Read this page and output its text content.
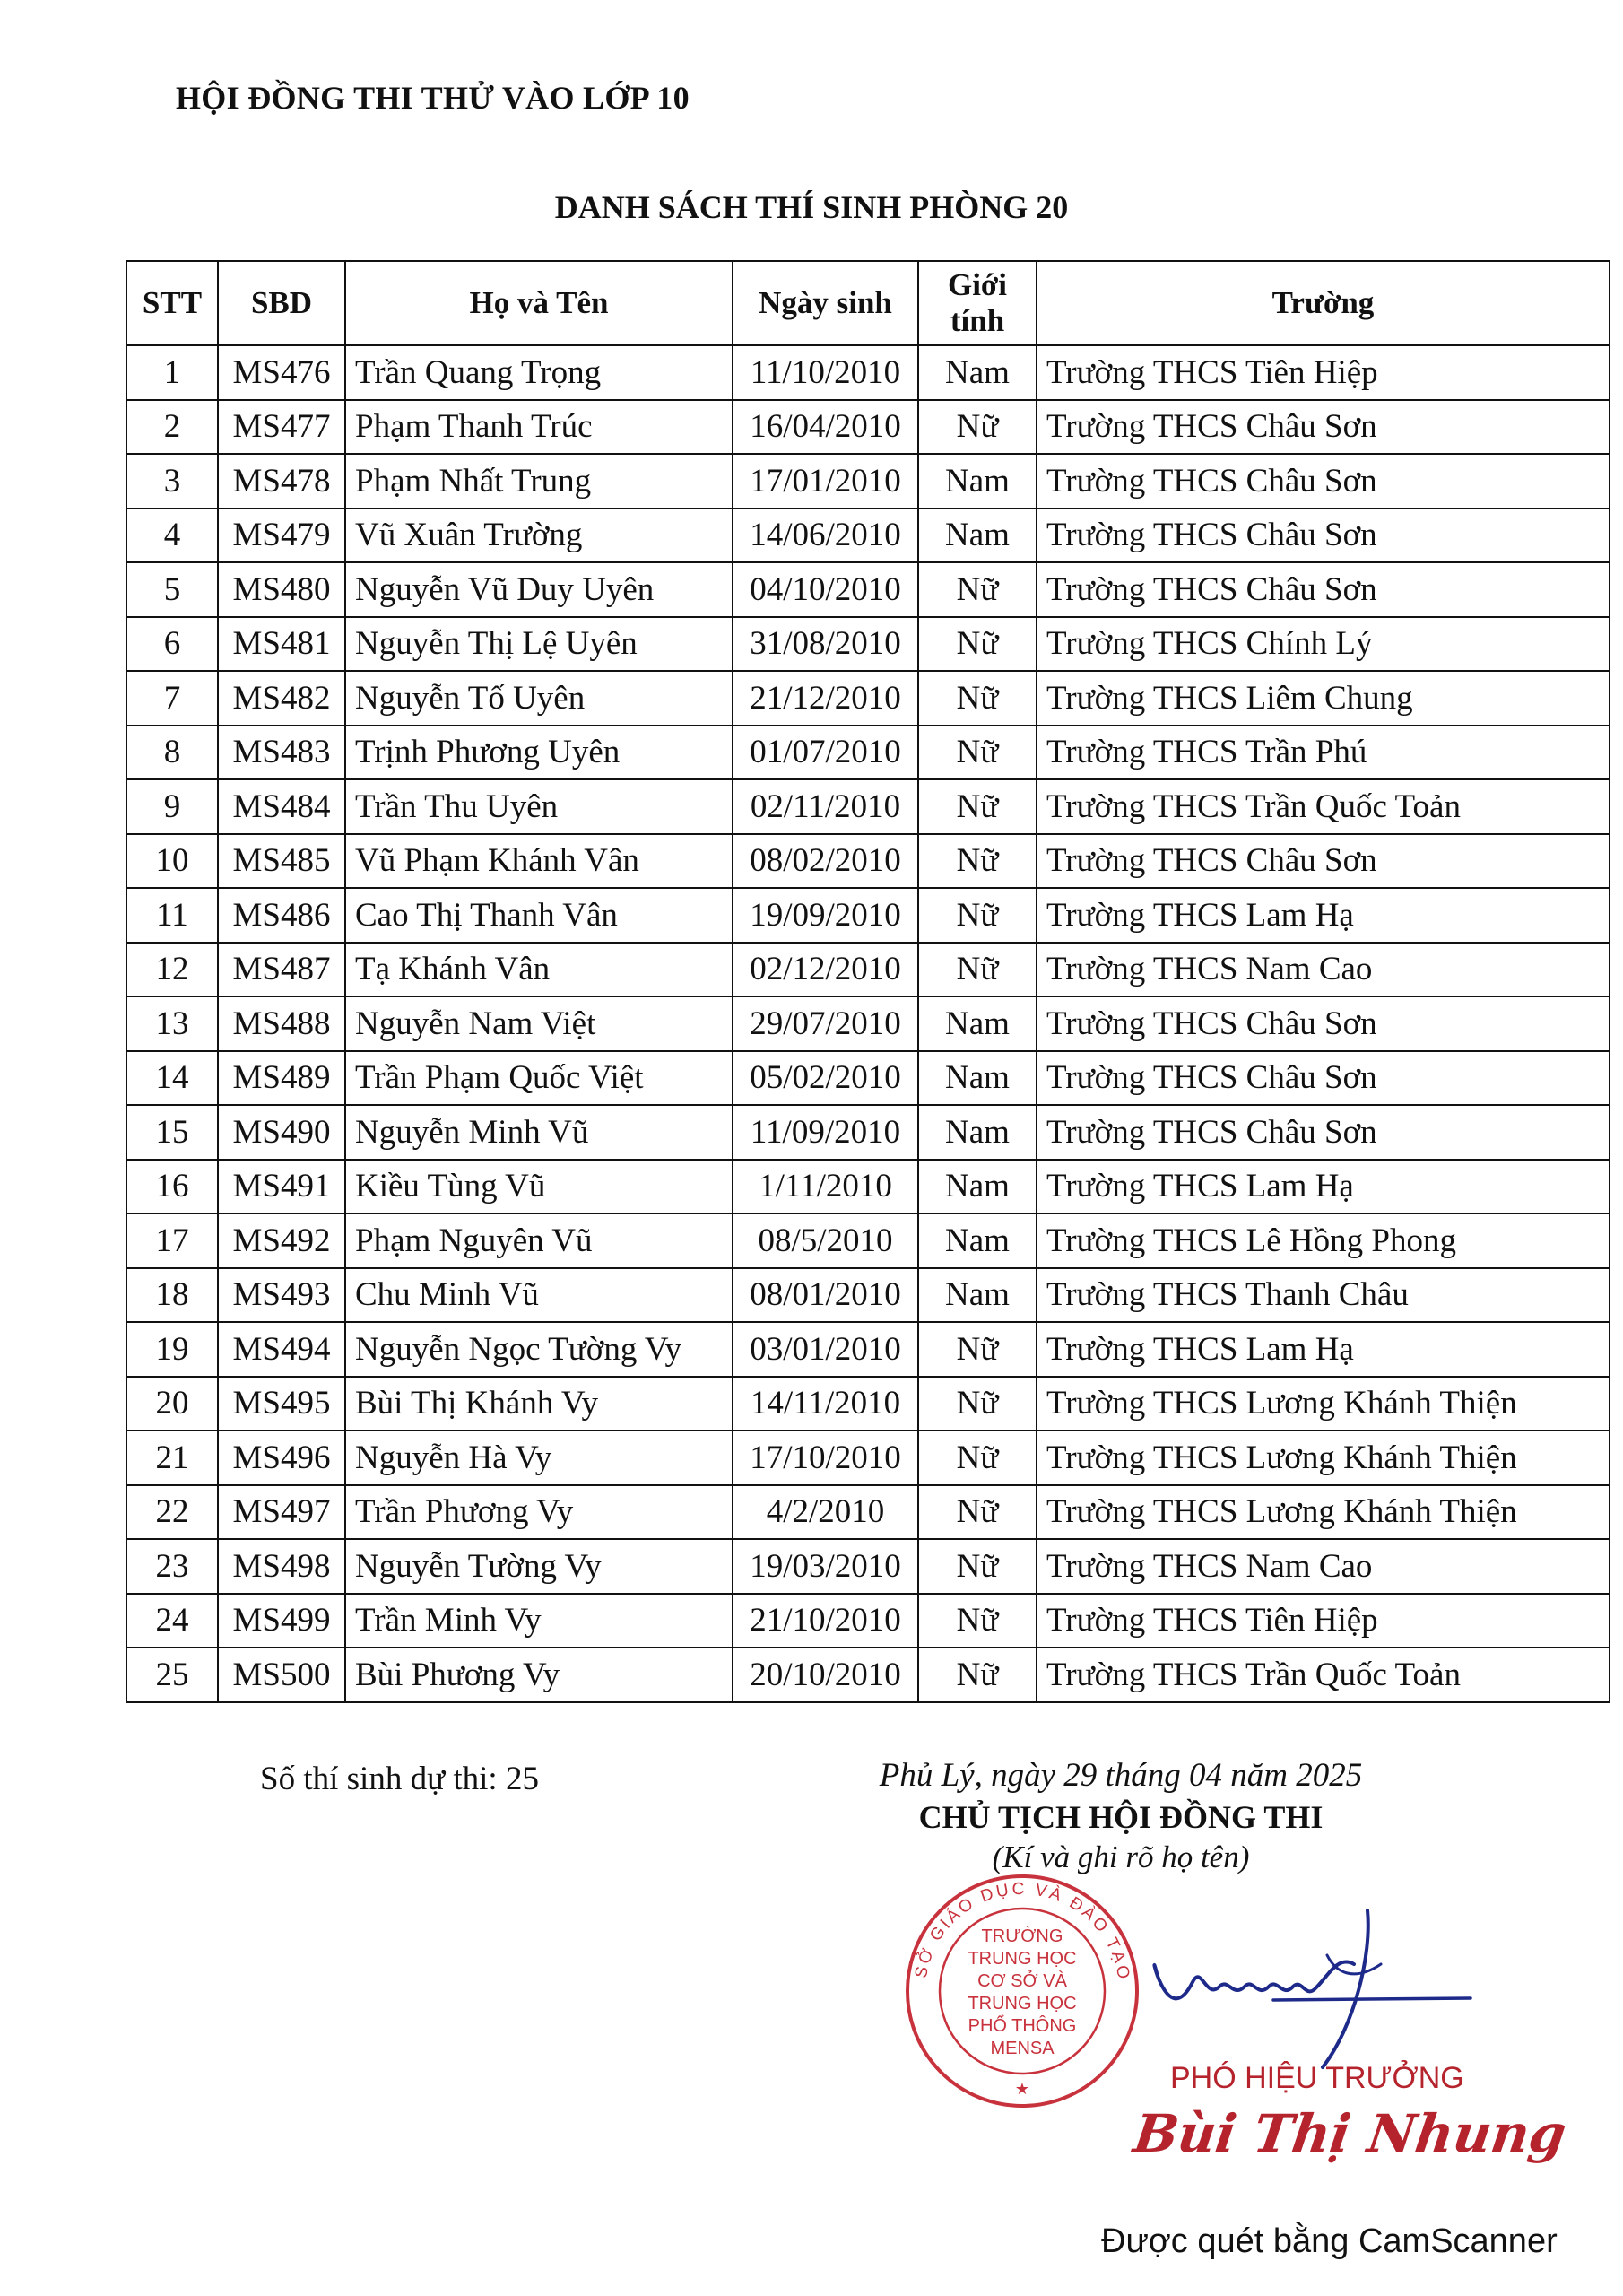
HỘI ĐỒNG THI THỬ VÀO LỚP 10
DANH SÁCH THÍ SINH PHÒNG 20
STT	SBD	Họ và Tên	Ngày sinh	Giới tính	Trường
1	MS476	Trần Quang Trọng	11/10/2010	Nam	Trường THCS Tiên Hiệp
2	MS477	Phạm Thanh Trúc	16/04/2010	Nữ	Trường THCS Châu Sơn
3	MS478	Phạm Nhất Trung	17/01/2010	Nam	Trường THCS Châu Sơn
4	MS479	Vũ Xuân Trường	14/06/2010	Nam	Trường THCS Châu Sơn
5	MS480	Nguyễn Vũ Duy Uyên	04/10/2010	Nữ	Trường THCS Châu Sơn
6	MS481	Nguyễn Thị Lệ Uyên	31/08/2010	Nữ	Trường THCS Chính Lý
7	MS482	Nguyễn Tố Uyên	21/12/2010	Nữ	Trường THCS Liêm Chung
8	MS483	Trịnh Phương Uyên	01/07/2010	Nữ	Trường THCS Trần Phú
9	MS484	Trần Thu Uyên	02/11/2010	Nữ	Trường THCS Trần Quốc Toản
10	MS485	Vũ Phạm Khánh Vân	08/02/2010	Nữ	Trường THCS Châu Sơn
11	MS486	Cao Thị Thanh Vân	19/09/2010	Nữ	Trường THCS Lam Hạ
12	MS487	Tạ Khánh Vân	02/12/2010	Nữ	Trường THCS Nam Cao
13	MS488	Nguyễn Nam Việt	29/07/2010	Nam	Trường THCS Châu Sơn
14	MS489	Trần Phạm Quốc Việt	05/02/2010	Nam	Trường THCS Châu Sơn
15	MS490	Nguyễn Minh Vũ	11/09/2010	Nam	Trường THCS Châu Sơn
16	MS491	Kiều Tùng Vũ	1/11/2010	Nam	Trường THCS Lam Hạ
17	MS492	Phạm Nguyên Vũ	08/5/2010	Nam	Trường THCS Lê Hồng Phong
18	MS493	Chu Minh Vũ	08/01/2010	Nam	Trường THCS Thanh Châu
19	MS494	Nguyễn Ngọc Tường Vy	03/01/2010	Nữ	Trường THCS Lam Hạ
20	MS495	Bùi Thị Khánh Vy	14/11/2010	Nữ	Trường THCS Lương Khánh Thiện
21	MS496	Nguyễn Hà Vy	17/10/2010	Nữ	Trường THCS Lương Khánh Thiện
22	MS497	Trần Phương Vy	4/2/2010	Nữ	Trường THCS Lương Khánh Thiện
23	MS498	Nguyễn Tường Vy	19/03/2010	Nữ	Trường THCS Nam Cao
24	MS499	Trần Minh Vy	21/10/2010	Nữ	Trường THCS Tiên Hiệp
25	MS500	Bùi Phương Vy	20/10/2010	Nữ	Trường THCS Trần Quốc Toản
Số thí sinh dự thi: 25	Phủ Lý, ngày 29 tháng 04 năm 2025
CHỦ TỊCH HỘI ĐỒNG THI
(Kí và ghi rõ họ tên)
SỞ GIÁO DỤC VÀ ĐÀO TẠO
TRƯỜNG
TRUNG HỌC
CƠ SỞ VÀ
TRUNG HỌC
PHỔ THÔNG
MENSA
★	PHÓ HIỆU TRƯỞNG
Bùi Thị Nhung
Được quét bằng CamScanner
